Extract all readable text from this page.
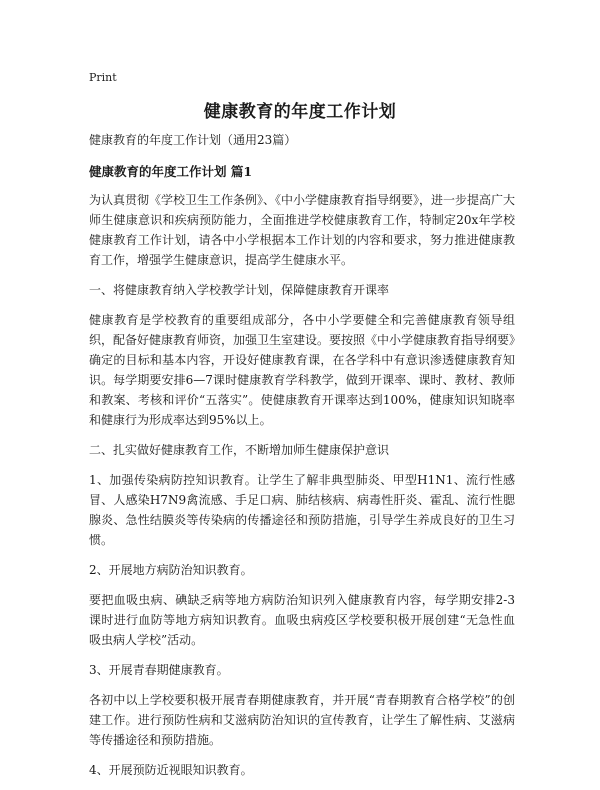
Print
健康教育的年度工作计划

健康教育的年度工作计划（通用23篇）

健康教育的年度工作计划 篇1

为认真贯彻《学校卫生工作条例》、《中小学健康教育指导纲要》，进一步提高广大师生健康意识和疾病预防能力，全面推进学校健康教育工作，特制定20x年学校健康教育工作计划，请各中小学根据本工作计划的内容和要求，努力推进健康教育工作，增强学生健康意识，提高学生健康水平。

一、将健康教育纳入学校教学计划，保障健康教育开课率

健康教育是学校教育的重要组成部分，各中小学要健全和完善健康教育领导组织，配备好健康教育师资，加强卫生室建设。要按照《中小学健康教育指导纲要》确定的目标和基本内容，开设好健康教育课，在各学科中有意识渗透健康教育知识。每学期要安排6—7课时健康教育学科教学，做到开课率、课时、教材、教师和教案、考核和评价“五落实”。使健康教育开课率达到100%，健康知识知晓率和健康行为形成率达到95%以上。

二、扎实做好健康教育工作，不断增加师生健康保护意识

1、加强传染病防控知识教育。让学生了解非典型肺炎、甲型H1N1、流行性感冒、人感染H7N9禽流感、手足口病、肺结核病、病毒性肝炎、霍乱、流行性腮腺炎、急性结膜炎等传染病的传播途径和预防措施，引导学生养成良好的卫生习惯。

2、开展地方病防治知识教育。

要把血吸虫病、碘缺乏病等地方病防治知识列入健康教育内容，每学期安排2-3课时进行血防等地方病知识教育。血吸虫病疫区学校要积极开展创建“无急性血吸虫病人学校”活动。

3、开展青春期健康教育。

各初中以上学校要积极开展青春期健康教育，并开展“青春期教育合格学校”的创建工作。进行预防性病和艾滋病防治知识的宣传教育，让学生了解性病、艾滋病等传播途径和预防措施。

4、开展预防近视眼知识教育。
